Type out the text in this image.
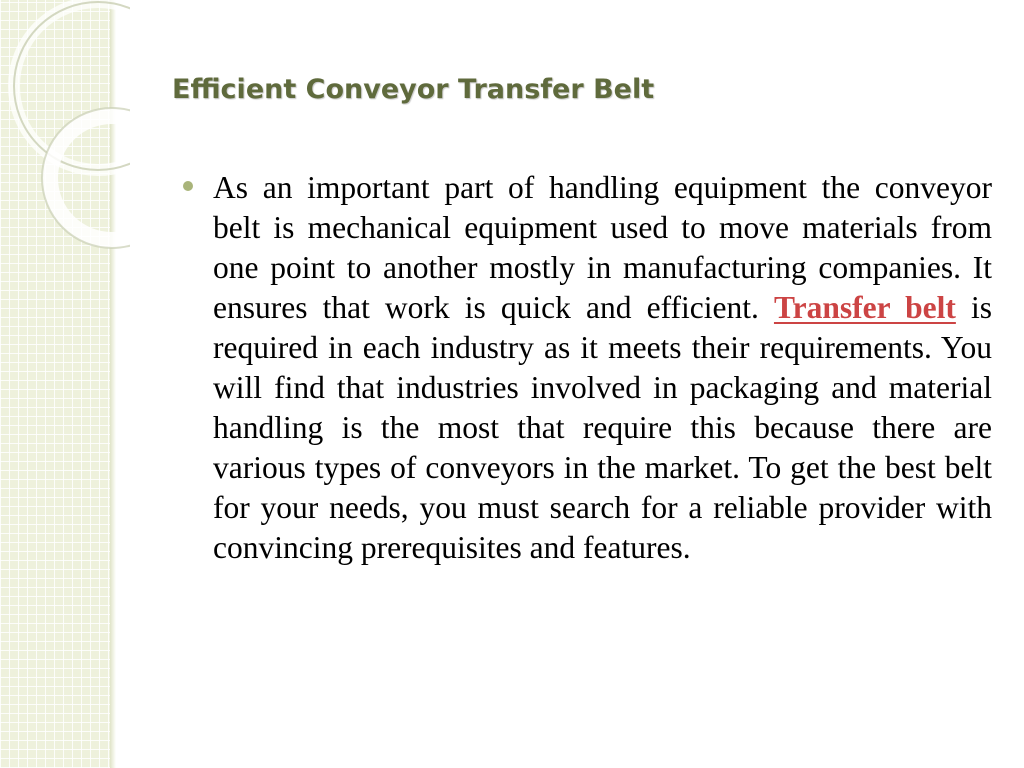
Efficient Conveyor Transfer Belt

As an important part of handling equipment the conveyor belt is mechanical equipment used to move materials from one point to another mostly in manufacturing companies. It ensures that work is quick and efficient. Transfer belt is required in each industry as it meets their requirements. You will find that industries involved in packaging and material handling is the most that require this because there are various types of conveyors in the market. To get the best belt for your needs, you must search for a reliable provider with convincing prerequisites and features.
